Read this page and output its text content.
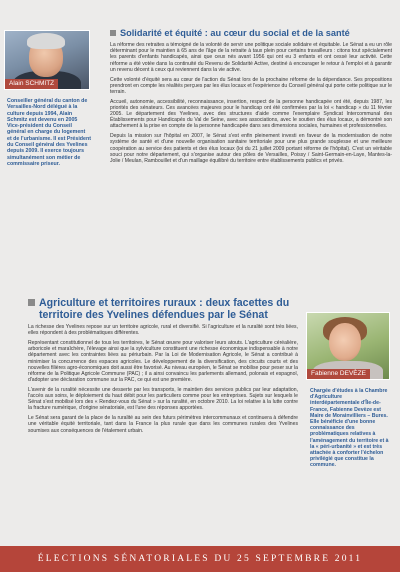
Alain SCHMITZ
Conseiller général du canton de Versailles-Nord délégué à la culture depuis 1994, Alain Schmitz est devenu en 2005 Vice-président du Conseil général en charge du logement et de l'urbanisme. Il est Président du Conseil général des Yvelines depuis 2009. Il exerce toujours simultanément son métier de commissaire priseur.
Solidarité et équité : au cœur du social et de la santé

La réforme des retraites a témoigné de la volonté de servir une politique sociale solidaire et équitable. Le Sénat a eu un rôle déterminant pour le maintien à 65 ans de l'âge de la retraite à taux plein pour certains travailleurs : citons tout spécialement les parents d'enfants handicapés, ainsi que ceux nés avant 1956 qui ont eu 3 enfants et ont cessé leur activité. Cette réforme a été votée dans la continuité du Revenu de Solidarité Active, destiné à encourager le retour à l'emploi et à garantir un revenu décent à ceux qui reviennent dans la vie active.

Cette volonté d'équité sera au cœur de l'action du Sénat lors de la prochaine réforme de la dépendance. Ses propositions prendront en compte les réalités perçues par les élus locaux et l'expérience du Conseil général qui porte cette politique sur le terrain.

Accueil, autonomie, accessibilité, reconnaissance, insertion, respect de la personne handicapée ont été, depuis 1987, les priorités des sénateurs. Ces avancées majeures pour le handicap ont été confirmées par la loi « handicap » du 11 février 2005. Le département des Yvelines, avec des structures d'aide comme l'exemplaire Syndicat Intercommunal des Établissements pour Handicapés du Val de Seine, avec ses associations, avec le soutien des élus locaux, a démontré son attachement à la prise en compte de la personne handicapée dans ses dimensions sociales, humaines et professionnelles.

Depuis la mission sur l'hôpital en 2007, le Sénat s'est enfin pleinement investi en faveur de la modernisation de notre système de santé et d'une nouvelle organisation sanitaire territoriale pour une plus grande souplesse et une meilleure coopération au service des patients et des élus locaux (loi du 21 juillet 2009 portant réforme de l'hôpital). C'est un véritable souci pour notre département, qui s'organise autour des pôles de Versailles, Poissy / Saint-Germain-en-Laye, Mantes-la-Jolie / Meulan, Rambouillet et d'un maillage équilibré du territoire entre établissements publics et privés.

Agriculture et territoires ruraux : deux facettes du territoire des Yvelines défendues par le Sénat

La richesse des Yvelines repose sur un territoire agricole, rural et diversifié. Si l'agriculture et la ruralité sont très liées, elles répondent à des problématiques différentes.

Représentant constitutionnel de tous les territoires, le Sénat œuvre pour valoriser leurs atouts. L'agriculture céréalière, arboricole et maraîchère, l'élevage ainsi que la sylviculture constituent une richesse économique indispensable à notre département avec les contraintes liées au périurbain. Par la Loi de Modernisation Agricole, le Sénat a contribué à minimiser la concurrence des espaces agricoles. Le développement de la diversification, des circuits courts et des nouvelles filières agro-économiques doit aussi être favorisé. Au niveau européen, le Sénat se mobilise pour peser sur la réforme de la Politique Agricole Commune (PAC) ; il a ainsi convaincu les parlements allemand, polonais et espagnol, d'adopter une déclaration commune sur la PAC, ce qui est une première.

L'avenir de la ruralité nécessite une desserte par les transports, le maintien des services publics par leur adaptation, l'accès aux soins, le déploiement du haut débit pour les particuliers comme pour les entreprises. Sujets sur lesquels le Sénat s'est mobilisé lors des « Rendez-vous du Sénat » sur la ruralité, en octobre 2010. La loi relative à la lutte contre la fracture numérique, d'origine sénatoriale, est l'une des réponses apportées.

Le Sénat sera garant de la place de la ruralité au sein des futurs périmètres intercommunaux et continuera à défendre une véritable équité territoriale, tant dans la France la plus rurale que dans les communes rurales des Yvelines soumises aux conséquences de l'étalement urbain.

Fabienne DEVÈZE
Chargée d'études à la Chambre d'Agriculture interdépartementale d'Île-de-France, Fabienne Devèze est Maire de Morainvilliers – Bures. Elle bénéficie d'une bonne connaissance des problématiques relatives à l'aménagement du territoire et à la « péri-urbanité » et est très attachée à conforter l'échelon privilégié que constitue la commune.
ÉLECTIONS SÉNATORIALES DU 25 SEPTEMBRE 2011
